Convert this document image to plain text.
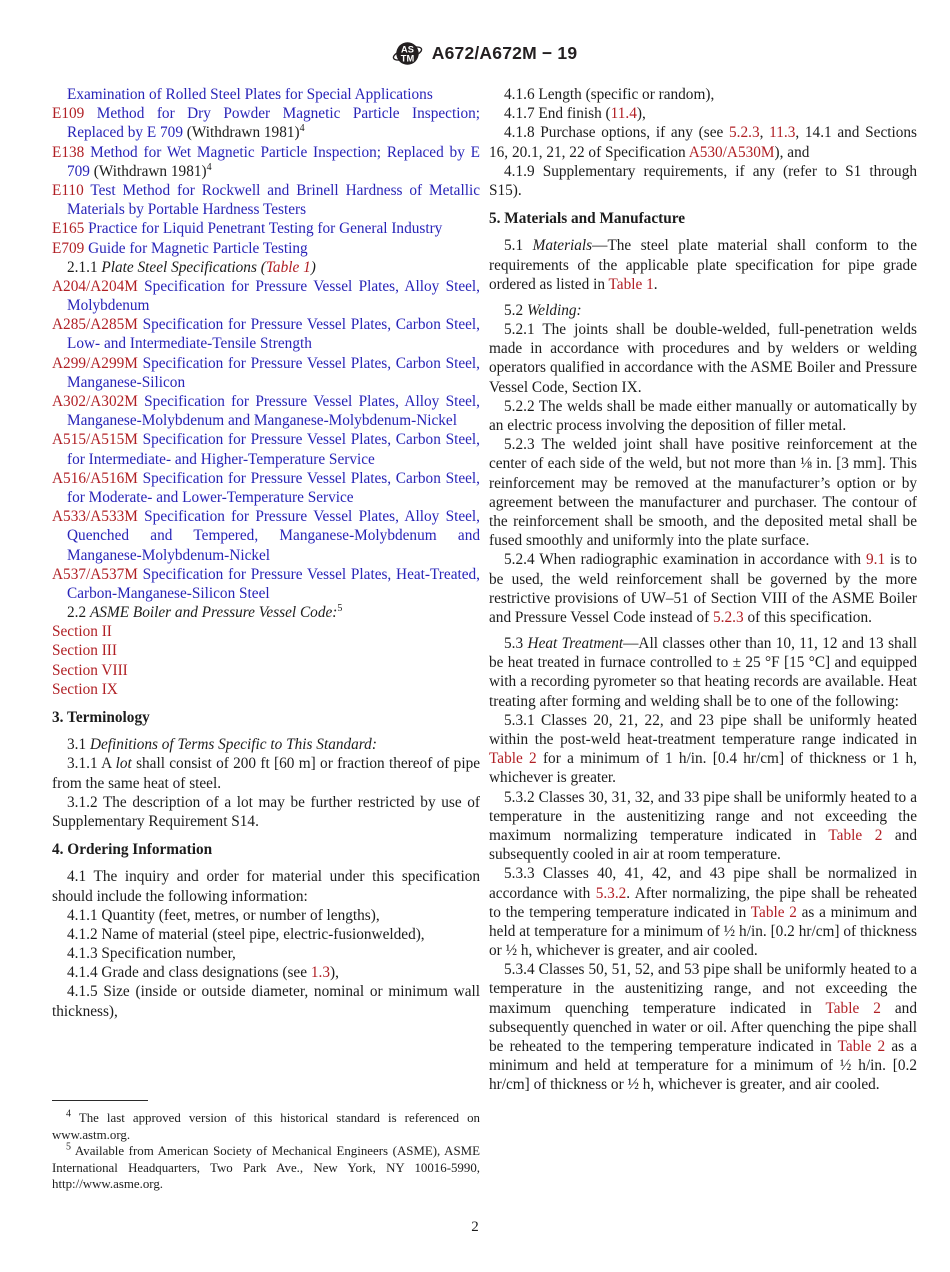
AS
TM A672/A672M − 19
Examination of Rolled Steel Plates for Special Applications
E109 Method for Dry Powder Magnetic Particle Inspection; Replaced by E 709 (Withdrawn 1981)$^4$
E138 Method for Wet Magnetic Particle Inspection; Replaced by E 709 (Withdrawn 1981)$^4$
E110 Test Method for Rockwell and Brinell Hardness of Metallic Materials by Portable Hardness Testers
E165 Practice for Liquid Penetrant Testing for General Industry
E709 Guide for Magnetic Particle Testing
2.1.1 Plate Steel Specifications (Table 1)
A204/A204M Specification for Pressure Vessel Plates, Alloy Steel, Molybdenum
A285/A285M Specification for Pressure Vessel Plates, Carbon Steel, Low- and Intermediate-Tensile Strength
A299/A299M Specification for Pressure Vessel Plates, Carbon Steel, Manganese-Silicon
A302/A302M Specification for Pressure Vessel Plates, Alloy Steel, Manganese-Molybdenum and Manganese-Molybdenum-Nickel
A515/A515M Specification for Pressure Vessel Plates, Carbon Steel, for Intermediate- and Higher-Temperature Service
A516/A516M Specification for Pressure Vessel Plates, Carbon Steel, for Moderate- and Lower-Temperature Service
A533/A533M Specification for Pressure Vessel Plates, Alloy Steel, Quenched and Tempered, Manganese-Molybdenum and Manganese-Molybdenum-Nickel
A537/A537M Specification for Pressure Vessel Plates, Heat-Treated, Carbon-Manganese-Silicon Steel
2.2 ASME Boiler and Pressure Vessel Code:$^5$
Section II
Section III
Section VIII
Section IX
3. Terminology
3.1 Definitions of Terms Specific to This Standard:
3.1.1 A lot shall consist of 200 ft [60 m] or fraction thereof of pipe from the same heat of steel.
3.1.2 The description of a lot may be further restricted by use of Supplementary Requirement S14.
4. Ordering Information
4.1 The inquiry and order for material under this specification should include the following information:
4.1.1 Quantity (feet, metres, or number of lengths),
4.1.2 Name of material (steel pipe, electric-fusionwelded),
4.1.3 Specification number,
4.1.4 Grade and class designations (see 1.3),
4.1.5 Size (inside or outside diameter, nominal or minimum wall thickness),
$^4$ The last approved version of this historical standard is referenced on www.astm.org.
$^5$ Available from American Society of Mechanical Engineers (ASME), ASME International Headquarters, Two Park Ave., New York, NY 10016-5990, http://www.asme.org.
4.1.6 Length (specific or random),
4.1.7 End finish (11.4),
4.1.8 Purchase options, if any (see 5.2.3, 11.3, 14.1 and Sections 16, 20.1, 21, 22 of Specification A530/A530M), and
4.1.9 Supplementary requirements, if any (refer to S1 through S15).
5. Materials and Manufacture
5.1 Materials—The steel plate material shall conform to the requirements of the applicable plate specification for pipe grade ordered as listed in Table 1.
5.2 Welding:
5.2.1 The joints shall be double-welded, full-penetration welds made in accordance with procedures and by welders or welding operators qualified in accordance with the ASME Boiler and Pressure Vessel Code, Section IX.
5.2.2 The welds shall be made either manually or automatically by an electric process involving the deposition of filler metal.
5.2.3 The welded joint shall have positive reinforcement at the center of each side of the weld, but not more than ⅛ in. [3 mm]. This reinforcement may be removed at the manufacturer’s option or by agreement between the manufacturer and purchaser. The contour of the reinforcement shall be smooth, and the deposited metal shall be fused smoothly and uniformly into the plate surface.
5.2.4 When radiographic examination in accordance with 9.1 is to be used, the weld reinforcement shall be governed by the more restrictive provisions of UW–51 of Section VIII of the ASME Boiler and Pressure Vessel Code instead of 5.2.3 of this specification.
5.3 Heat Treatment—All classes other than 10, 11, 12 and 13 shall be heat treated in furnace controlled to ± 25 °F [15 °C] and equipped with a recording pyrometer so that heating records are available. Heat treating after forming and welding shall be to one of the following:
5.3.1 Classes 20, 21, 22, and 23 pipe shall be uniformly heated within the post-weld heat-treatment temperature range indicated in Table 2 for a minimum of 1 h/in. [0.4 hr/cm] of thickness or 1 h, whichever is greater.
5.3.2 Classes 30, 31, 32, and 33 pipe shall be uniformly heated to a temperature in the austenitizing range and not exceeding the maximum normalizing temperature indicated in Table 2 and subsequently cooled in air at room temperature.
5.3.3 Classes 40, 41, 42, and 43 pipe shall be normalized in accordance with 5.3.2. After normalizing, the pipe shall be reheated to the tempering temperature indicated in Table 2 as a minimum and held at temperature for a minimum of ½ h/in. [0.2 hr/cm] of thickness or ½ h, whichever is greater, and air cooled.
5.3.4 Classes 50, 51, 52, and 53 pipe shall be uniformly heated to a temperature in the austenitizing range, and not exceeding the maximum quenching temperature indicated in Table 2 and subsequently quenched in water or oil. After quenching the pipe shall be reheated to the tempering temperature indicated in Table 2 as a minimum and held at temperature for a minimum of ½ h/in. [0.2 hr/cm] of thickness or ½ h, whichever is greater, and air cooled.
2
